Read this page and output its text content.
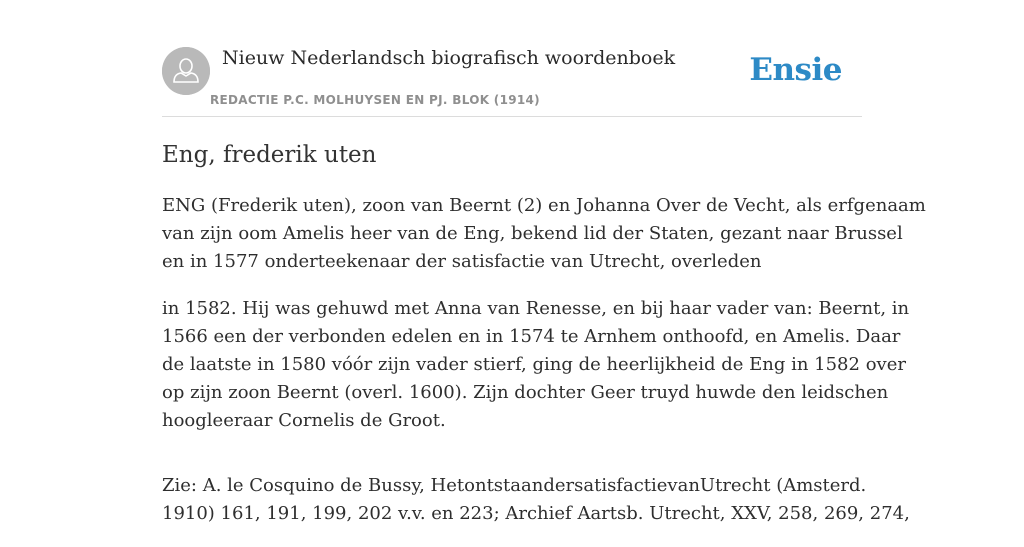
Nieuw Nederlandsch biografisch woordenboek
REDACTIE P.C. MOLHUYSEN EN PJ. BLOK (1914)
Ensie
Eng, frederik uten

ENG (Frederik uten), zoon van Beernt (2) en Johanna Over de Vecht, als erfgenaam
van zijn oom Amelis heer van de Eng, bekend lid der Staten, gezant naar Brussel
en in 1577 onderteekenaar der satisfactie van Utrecht, overleden

in 1582. Hij was gehuwd met Anna van Renesse, en bij haar vader van: Beernt, in
1566 een der verbonden edelen en in 1574 te Arnhem onthoofd, en Amelis. Daar
de laatste in 1580 vóór zijn vader stierf, ging de heerlijkheid de Eng in 1582 over
op zijn zoon Beernt (overl. 1600). Zijn dochter Geer truyd huwde den leidschen
hoogleeraar Cornelis de Groot.

Zie: A. le Cosquino de Bussy, HetontstaandersatisfactievanUtrecht (Amsterd.
1910) 161, 191, 199, 202 v.v. en 223; Archief Aartsb. Utrecht, XXV, 258, 269, 274,
